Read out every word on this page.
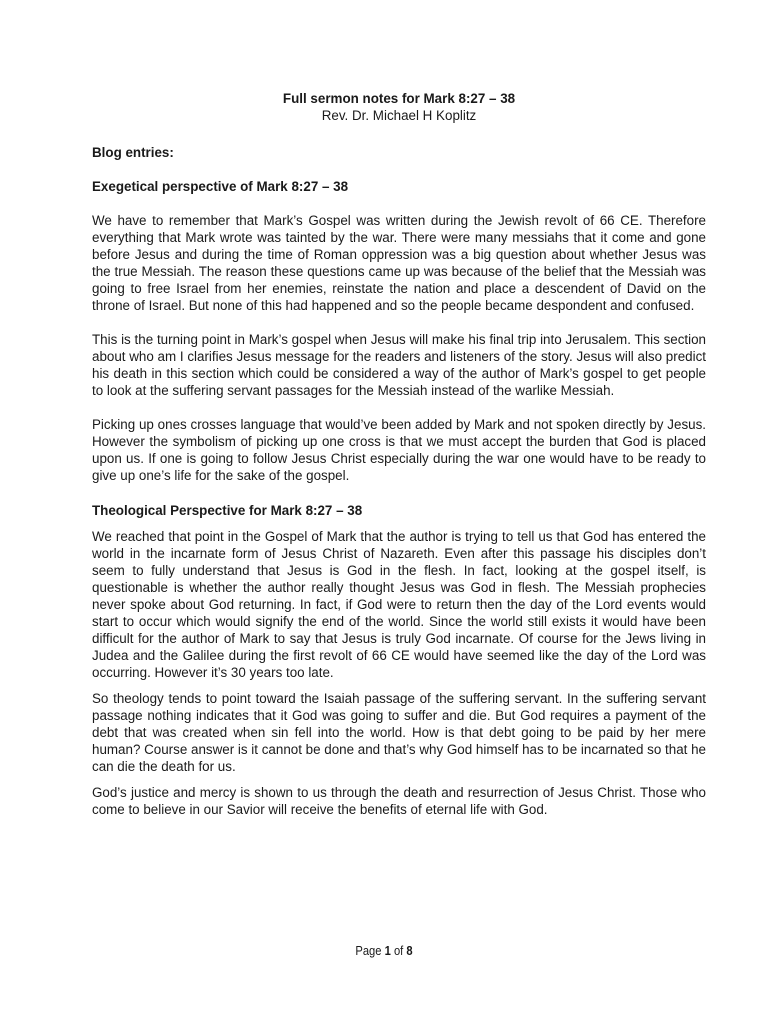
Full sermon notes for Mark 8:27 – 38
Rev. Dr. Michael H Koplitz
Blog entries:
Exegetical perspective of Mark 8:27 – 38

We have to remember that Mark’s Gospel was written during the Jewish revolt of 66 CE. Therefore everything that Mark wrote was tainted by the war. There were many messiahs that it come and gone before Jesus and during the time of Roman oppression was a big question about whether Jesus was the true Messiah. The reason these questions came up was because of the belief that the Messiah was going to free Israel from her enemies, reinstate the nation and place a descendent of David on the throne of Israel. But none of this had happened and so the people became despondent and confused.

This is the turning point in Mark’s gospel when Jesus will make his final trip into Jerusalem. This section about who am I clarifies Jesus message for the readers and listeners of the story. Jesus will also predict his death in this section which could be considered a way of the author of Mark’s gospel to get people to look at the suffering servant passages for the Messiah instead of the warlike Messiah.

Picking up ones crosses language that would’ve been added by Mark and not spoken directly by Jesus. However the symbolism of picking up one cross is that we must accept the burden that God is placed upon us. If one is going to follow Jesus Christ especially during the war one would have to be ready to give up one’s life for the sake of the gospel.

Theological Perspective for Mark 8:27 – 38

We reached that point in the Gospel of Mark that the author is trying to tell us that God has entered the world in the incarnate form of Jesus Christ of Nazareth. Even after this passage his disciples don’t seem to fully understand that Jesus is God in the flesh. In fact, looking at the gospel itself, is questionable is whether the author really thought Jesus was God in flesh. The Messiah prophecies never spoke about God returning. In fact, if God were to return then the day of the Lord events would start to occur which would signify the end of the world. Since the world still exists it would have been difficult for the author of Mark to say that Jesus is truly God incarnate. Of course for the Jews living in Judea and the Galilee during the first revolt of 66 CE would have seemed like the day of the Lord was occurring. However it’s 30 years too late.

So theology tends to point toward the Isaiah passage of the suffering servant. In the suffering servant passage nothing indicates that it God was going to suffer and die. But God requires a payment of the debt that was created when sin fell into the world. How is that debt going to be paid by her mere human? Course answer is it cannot be done and that’s why God himself has to be incarnated so that he can die the death for us.

God’s justice and mercy is shown to us through the death and resurrection of Jesus Christ. Those who come to believe in our Savior will receive the benefits of eternal life with God.

Page 1 of 8
